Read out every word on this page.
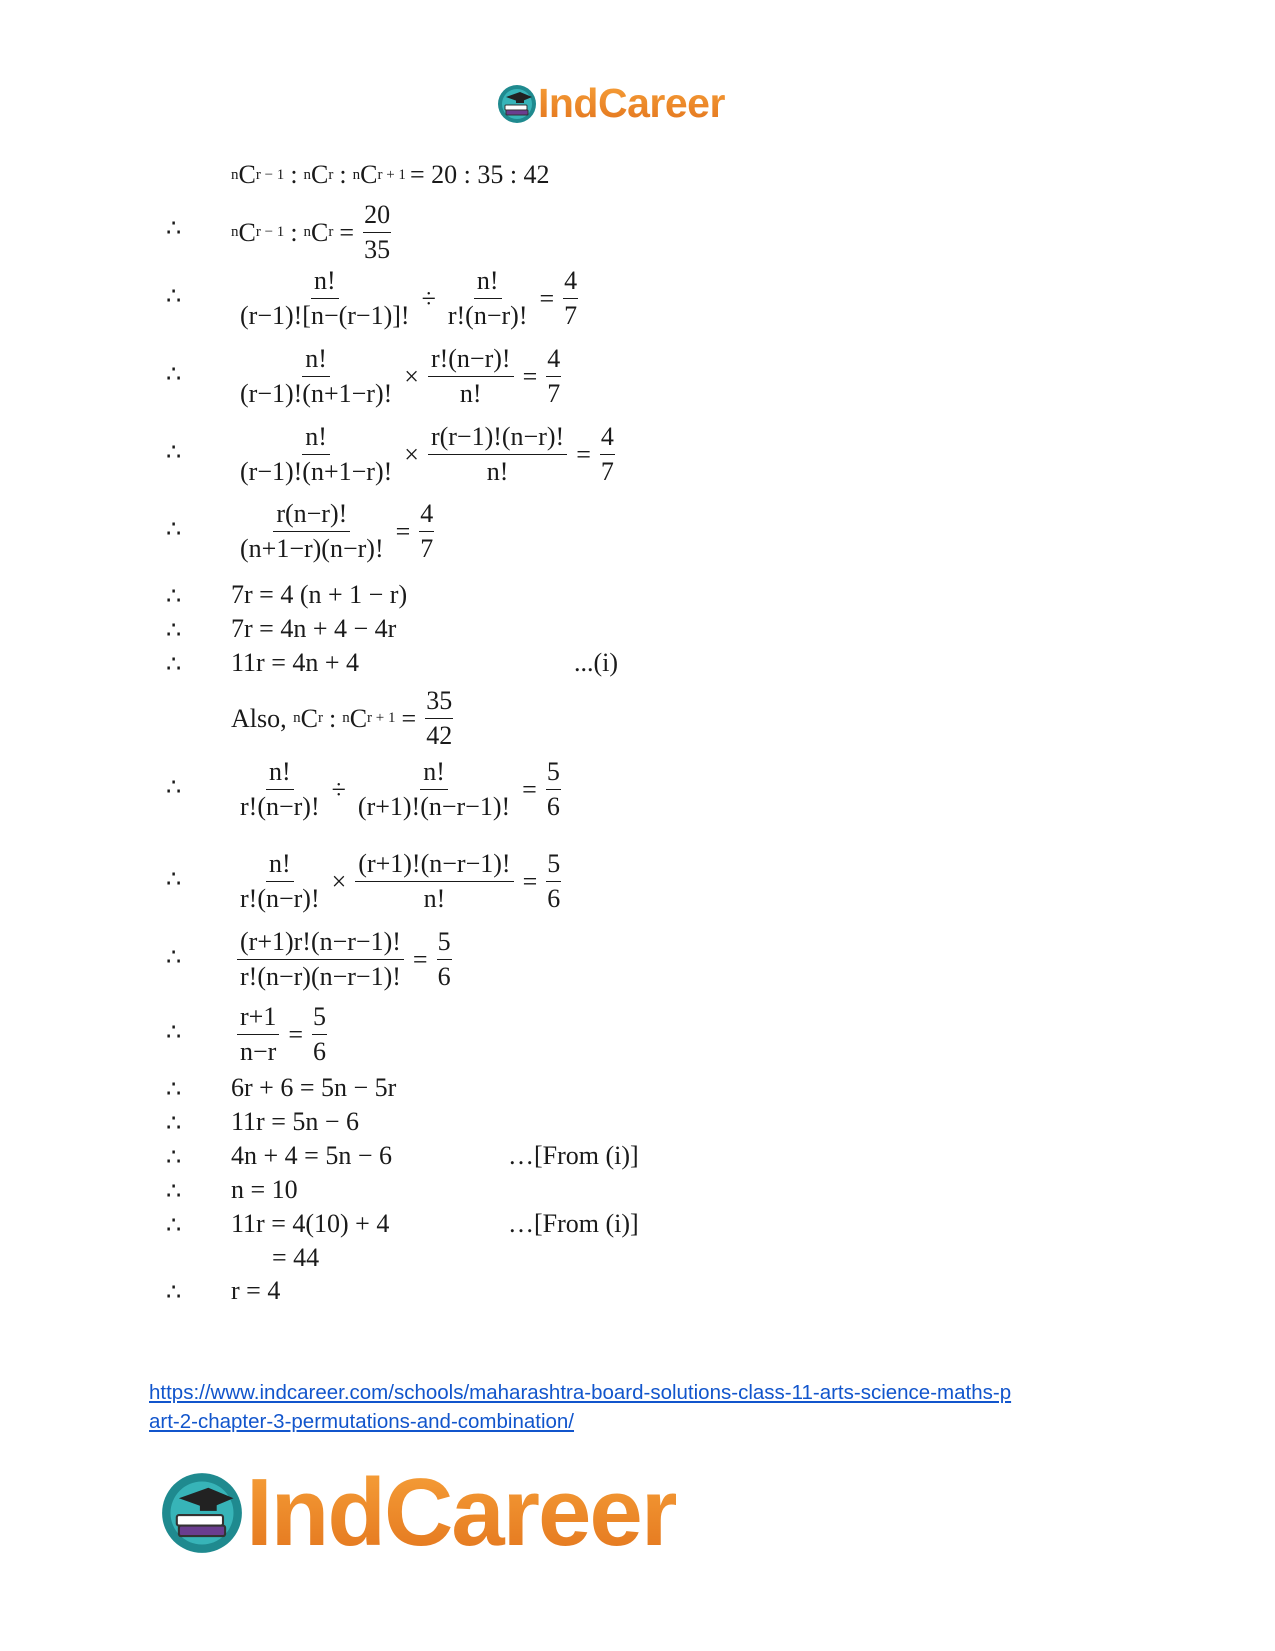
IndCareer
n C r − 1 : n C r : n C r + 1 = 20 : 35 : 42
∴	n C r − 1 : n C $r = \frac{20}{35}$
∴ $\frac{n!}{(r-1)![n-(r-1)]!} \div \frac{n!}{r!(n-r)!} = \frac{4}{7}$
∴ $\frac{n!}{(r-1)!(n+1-r)!} \times \frac{r!(n-r)!}{n!} = \frac{4}{7}$
∴ $\frac{n!}{(r-1)!(n+1-r)!} \times \frac{r(r-1)!(n-r)!}{n!} = \frac{4}{7}$
∴ $\frac{r(n-r)!}{(n+1-r)(n-r)!} = \frac{4}{7}$
∴ 7r = 4 (n + 1 − r)
∴ 7r = 4n + 4 − 4r
∴ 11r = 4n + 4	...(i)
Also,
n C r : n C $r + 1 = \frac{35}{42}$
∴ $\frac{n!}{r!(n-r)!} \div \frac{n!}{(r+1)!(n-r-1)!} = \frac{5}{6}$
∴ $\frac{n!}{r!(n-r)!} \times \frac{(r+1)!(n-r-1)!}{n!} = \frac{5}{6}$
∴ $\frac{(r+1)r!(n-r-1)!}{r!(n-r)(n-r-1)!} = \frac{5}{6}$
∴ $\frac{r+1}{n-r} = \frac{5}{6}$
∴ 6r + 6 = 5n − 5r
∴ 11r = 5n − 6
∴ 4n + 4 = 5n − 6	…[From (i)]
∴ n = 10
∴ 11r = 4(10) + 4	…[From (i)]
= 44
∴ r = 4
https://www.indcareer.com/schools/maharashtra-board-solutions-class-11-arts-science-maths-p
art-2-chapter-3-permutations-and-combination/
IndCareer
